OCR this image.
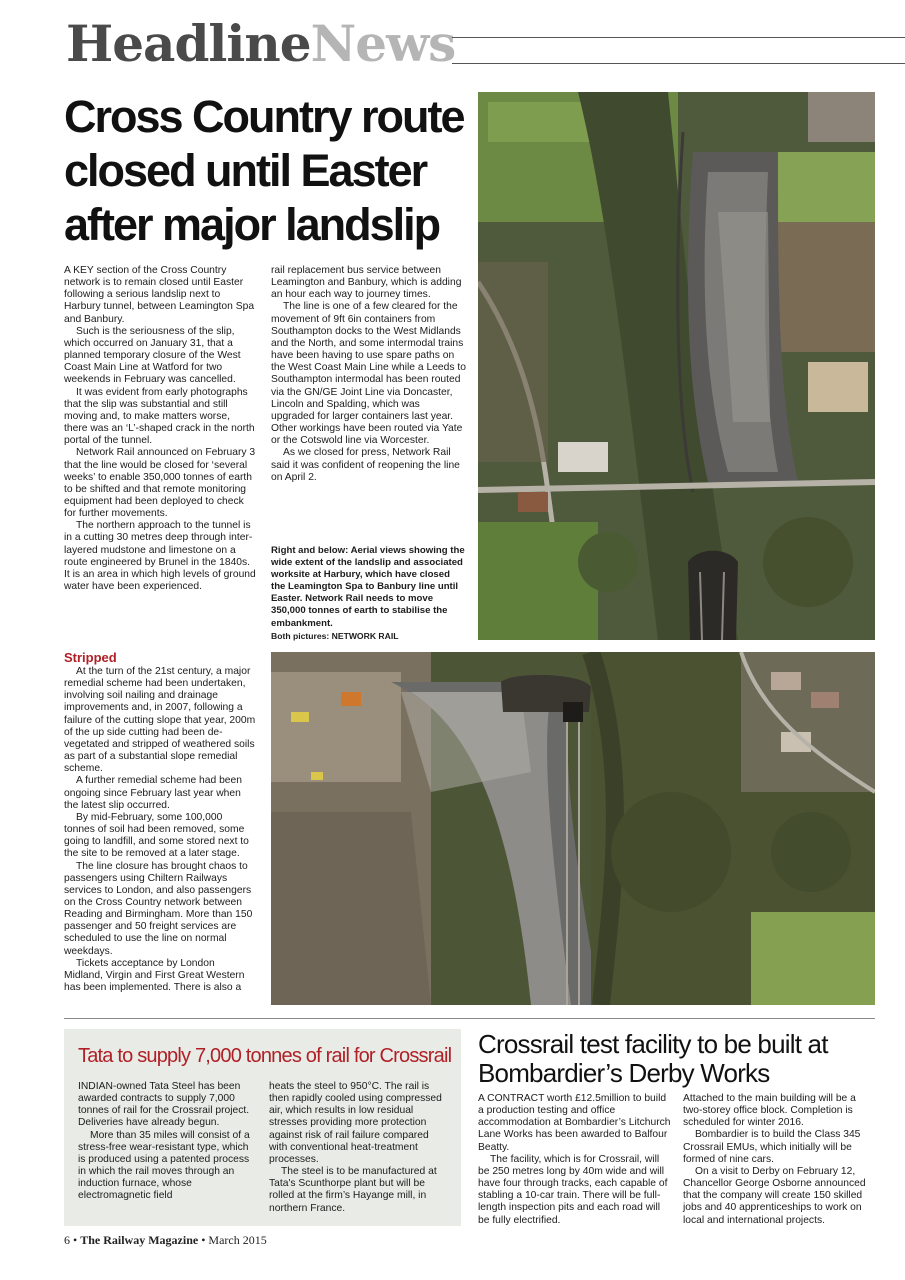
HeadlineNews
Cross Country route closed until Easter after major landslip

A KEY section of the Cross Country network is to remain closed until Easter following a serious landslip next to Harbury tunnel, between Leamington Spa and Banbury.

Such is the seriousness of the slip, which occurred on January 31, that a planned temporary closure of the West Coast Main Line at Watford for two weekends in February was cancelled.

It was evident from early photographs that the slip was substantial and still moving and, to make matters worse, there was an ‘L’-shaped crack in the north portal of the tunnel.

Network Rail announced on February 3 that the line would be closed for ‘several weeks’ to enable 350,000 tonnes of earth to be shifted and that remote monitoring equipment had been deployed to check for further movements.

The northern approach to the tunnel is in a cutting 30 metres deep through inter-layered mudstone and limestone on a route engineered by Brunel in the 1840s. It is an area in which high levels of ground water have been experienced.

Stripped

At the turn of the 21st century, a major remedial scheme had been undertaken, involving soil nailing and drainage improvements and, in 2007, following a failure of the cutting slope that year, 200m of the up side cutting had been de-vegetated and stripped of weathered soils as part of a substantial slope remedial scheme.

A further remedial scheme had been ongoing since February last year when the latest slip occurred.

By mid-February, some 100,000 tonnes of soil had been removed, some going to landfill, and some stored next to the site to be removed at a later stage.

The line closure has brought chaos to passengers using Chiltern Railways services to London, and also passengers on the Cross Country network between Reading and Birmingham. More than 150 passenger and 50 freight services are scheduled to use the line on normal weekdays.

Tickets acceptance by London Midland, Virgin and First Great Western has been implemented. There is also a

rail replacement bus service between Leamington and Banbury, which is adding an hour each way to journey times.

The line is one of a few cleared for the movement of 9ft 6in containers from Southampton docks to the West Midlands and the North, and some intermodal trains have been having to use spare paths on the West Coast Main Line while a Leeds to Southampton intermodal has been routed via the GN/GE Joint Line via Doncaster, Lincoln and Spalding, which was upgraded for larger containers last year. Other workings have been routed via Yate or the Cotswold line via Worcester.

As we closed for press, Network Rail said it was confident of reopening the line on April 2.

Right and below: Aerial views showing the wide extent of the landslip and associated worksite at Harbury, which have closed the Leamington Spa to Banbury line until Easter. Network Rail needs to move 350,000 tonnes of earth to stabilise the embankment.
Both pictures: NETWORK RAIL
Tata to supply 7,000 tonnes of rail for Crossrail

INDIAN-owned Tata Steel has been awarded contracts to supply 7,000 tonnes of rail for the Crossrail project. Deliveries have already begun.

More than 35 miles will consist of a stress-free wear-resistant type, which is produced using a patented process in which the rail moves through an induction furnace, whose electromagnetic field

heats the steel to 950°C. The rail is then rapidly cooled using compressed air, which results in low residual stresses providing more protection against risk of rail failure compared with conventional heat-treatment processes.

The steel is to be manufactured at Tata's Scunthorpe plant but will be rolled at the firm’s Hayange mill, in northern France.

Crossrail test facility to be built at Bombardier’s Derby Works

A CONTRACT worth £12.5million to build a production testing and office accommodation at Bombardier’s Litchurch Lane Works has been awarded to Balfour Beatty.

The facility, which is for Crossrail, will be 250 metres long by 40m wide and will have four through tracks, each capable of stabling a 10-car train. There will be full-length inspection pits and each road will be fully electrified.

Attached to the main building will be a two-storey office block. Completion is scheduled for winter 2016.

Bombardier is to build the Class 345 Crossrail EMUs, which initially will be formed of nine cars.

On a visit to Derby on February 12, Chancellor George Osborne announced that the company will create 150 skilled jobs and 40 apprenticeships to work on local and international projects.

6 • The Railway Magazine • March 2015
